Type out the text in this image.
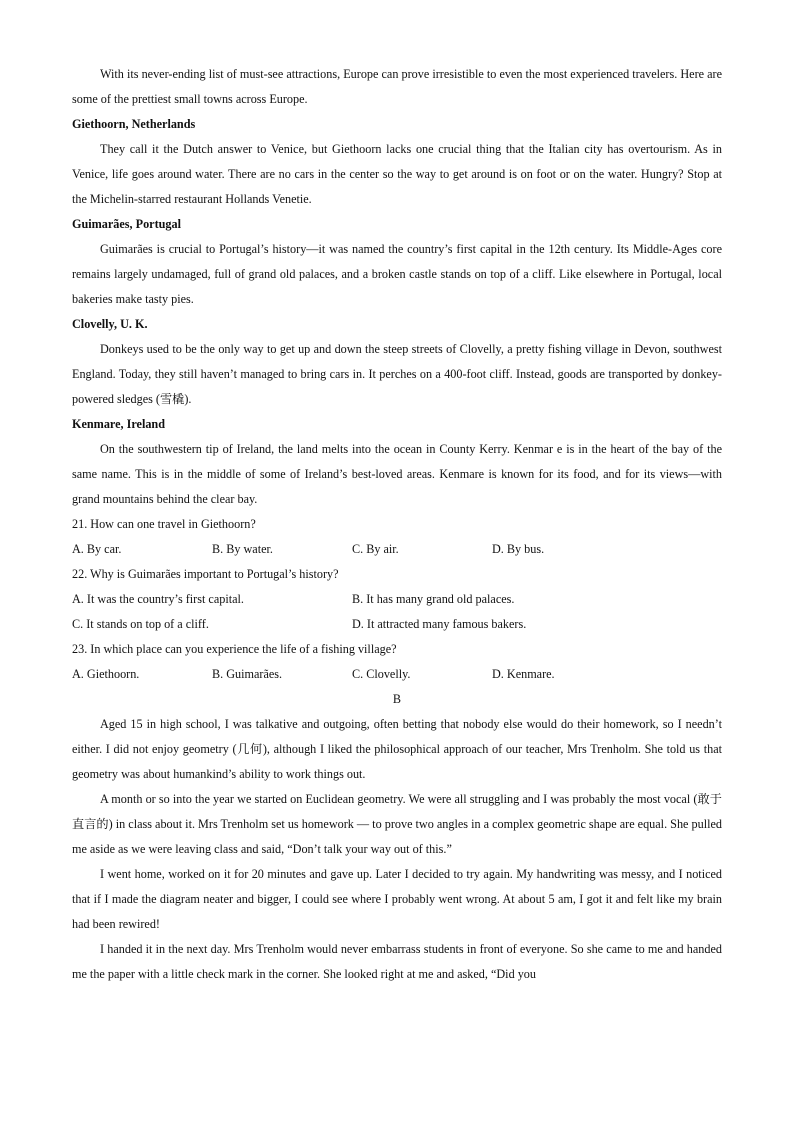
With its never-ending list of must-see attractions, Europe can prove irresistible to even the most experienced travelers. Here are some of the prettiest small towns across Europe.

Giethoorn, Netherlands

They call it the Dutch answer to Venice, but Giethoorn lacks one crucial thing that the Italian city has overtourism. As in Venice, life goes around water. There are no cars in the center so the way to get around is on foot or on the water. Hungry? Stop at the Michelin-starred restaurant Hollands Venetie.

Guimarães, Portugal

Guimarães is crucial to Portugal’s history—it was named the country’s first capital in the 12th century. Its Middle-Ages core remains largely undamaged, full of grand old palaces, and a broken castle stands on top of a cliff. Like elsewhere in Portugal, local bakeries make tasty pies.

Clovelly, U. K.

Donkeys used to be the only way to get up and down the steep streets of Clovelly, a pretty fishing village in Devon, southwest England. Today, they still haven’t managed to bring cars in. It perches on a 400-foot cliff. Instead, goods are transported by donkey-powered sledges (雪橇).

Kenmare, Ireland

On the southwestern tip of Ireland, the land melts into the ocean in County Kerry. Kenmar e is in the heart of the bay of the same name. This is in the middle of some of Ireland’s best-loved areas. Kenmare is known for its food, and for its views—with grand mountains behind the clear bay.

21. How can one travel in Giethoorn?

A. By car.	B. By water.	C. By air.	D. By bus.

22. Why is Guimarães important to Portugal’s history?

A. It was the country’s first capital.	B. It has many grand old palaces.
C. It stands on top of a cliff.	D. It attracted many famous bakers.

23. In which place can you experience the life of a fishing village?

A. Giethoorn.	B. Guimarães.	C. Clovelly.	D. Kenmare.

B

Aged 15 in high school, I was talkative and outgoing, often betting that nobody else would do their homework, so I needn’t either. I did not enjoy geometry (几何), although I liked the philosophical approach of our teacher, Mrs Trenholm. She told us that geometry was about humankind’s ability to work things out.

A month or so into the year we started on Euclidean geometry. We were all struggling and I was probably the most vocal (敢于直言的) in class about it. Mrs Trenholm set us homework — to prove two angles in a complex geometric shape are equal. She pulled me aside as we were leaving class and said, “Don’t talk your way out of this.”

I went home, worked on it for 20 minutes and gave up. Later I decided to try again. My handwriting was messy, and I noticed that if I made the diagram neater and bigger, I could see where I probably went wrong. At about 5 am, I got it and felt like my brain had been rewired!

I handed it in the next day. Mrs Trenholm would never embarrass students in front of everyone. So she came to me and handed me the paper with a little check mark in the corner. She looked right at me and asked, “Did you
